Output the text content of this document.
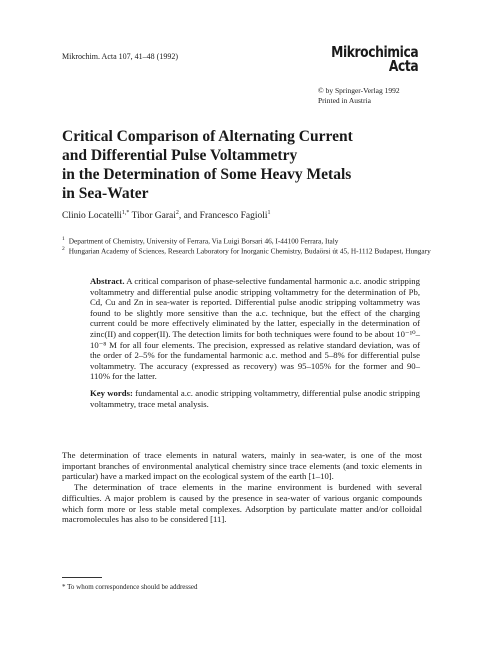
Mikrochim. Acta 107, 41–48 (1992)	Mikrochimica
Acta
© by Springer-Verlag 1992
Printed in Austria
Critical Comparison of Alternating Current
and Differential Pulse Voltammetry
in the Determination of Some Heavy Metals
in Sea-Water
Clinio Locatelli$^{1,*}$ Tibor Garai$^2$, and Francesco Fagioli$^1$
$^1$ Department of Chemistry, University of Ferrara, Via Luigi Borsari 46, I-44100 Ferrara, Italy
$^2$ Hungarian Academy of Sciences, Research Laboratory for Inorganic Chemistry, Budaörsi út 45, H-1112 Budapest, Hungary

Abstract. A critical comparison of phase-selective fundamental harmonic a.c. anodic stripping voltammetry and differential pulse anodic stripping voltammetry for the determination of Pb, Cd, Cu and Zn in sea-water is reported. Differential pulse anodic stripping voltammetry was found to be slightly more sensitive than the a.c. technique, but the effect of the charging current could be more effectively eliminated by the latter, especially in the determination of zinc(II) and copper(II). The detection limits for both techniques were found to be about 10⁻¹⁰–10⁻⁸ M for all four elements. The precision, expressed as relative standard deviation, was of the order of 2–5% for the fundamental harmonic a.c. method and 5–8% for differential pulse voltammetry. The accuracy (expressed as recovery) was 95–105% for the former and 90–110% for the latter.

Key words: fundamental a.c. anodic stripping voltammetry, differential pulse anodic stripping voltammetry, trace metal analysis.

The determination of trace elements in natural waters, mainly in sea-water, is one of the most important branches of environmental analytical chemistry since trace elements (and toxic elements in particular) have a marked impact on the ecological system of the earth [1–10].

The determination of trace elements in the marine environment is burdened with several difficulties. A major problem is caused by the presence in sea-water of various organic compounds which form more or less stable metal complexes. Adsorption by particulate matter and/or colloidal macromolecules has also to be considered [11].

* To whom correspondence should be addressed
